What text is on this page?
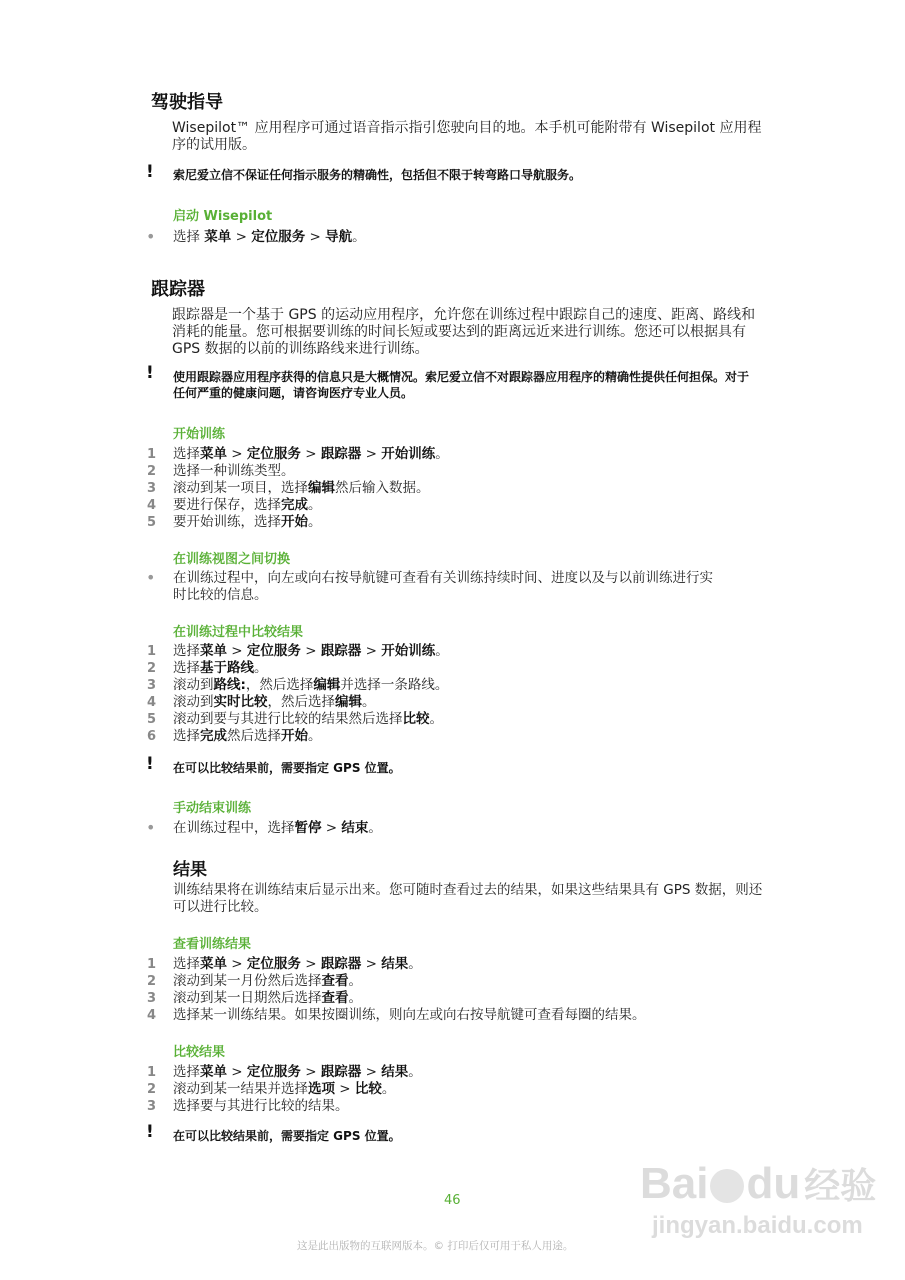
驾驶指导
Wisepilot™ 应用程序可通过语音指示指引您驶向目的地。本手机可能附带有 Wisepilot 应用程序的试用版。
! 索尼爱立信不保证任何指示服务的精确性，包括但不限于转弯路口导航服务。
启动 Wisepilot
• 选择 菜单 > 定位服务 > 导航。
跟踪器
跟踪器是一个基于 GPS 的运动应用程序，允许您在训练过程中跟踪自己的速度、距离、路线和消耗的能量。您可根据要训练的时间长短或要达到的距离远近来进行训练。您还可以根据具有 GPS 数据的以前的训练路线来进行训练。
! 使用跟踪器应用程序获得的信息只是大概情况。索尼爱立信不对跟踪器应用程序的精确性提供任何担保。对于任何严重的健康问题，请咨询医疗专业人员。
开始训练
1 选择菜单 > 定位服务 > 跟踪器 > 开始训练。
2 选择一种训练类型。
3 滚动到某一项目，选择编辑然后输入数据。
4 要进行保存，选择完成。
5 要开始训练，选择开始。
在训练视图之间切换
• 在训练过程中，向左或向右按导航键可查看有关训练持续时间、进度以及与以前训练进行实时比较的信息。
在训练过程中比较结果
1 选择菜单 > 定位服务 > 跟踪器 > 开始训练。
2 选择基于路线。
3 滚动到路线:，然后选择编辑并选择一条路线。
4 滚动到实时比较，然后选择编辑。
5 滚动到要与其进行比较的结果然后选择比较。
6 选择完成然后选择开始。
! 在可以比较结果前，需要指定 GPS 位置。
手动结束训练
• 在训练过程中，选择暂停 > 结束。
结果
训练结果将在训练结束后显示出来。您可随时查看过去的结果，如果这些结果具有 GPS 数据，则还可以进行比较。
查看训练结果
1 选择菜单 > 定位服务 > 跟踪器 > 结果。
2 滚动到某一月份然后选择查看。
3 滚动到某一日期然后选择查看。
4 选择某一训练结果。如果按圈训练，则向左或向右按导航键可查看每圈的结果。
比较结果
1 选择菜单 > 定位服务 > 跟踪器 > 结果。
2 滚动到某一结果并选择选项 > 比较。
3 选择要与其进行比较的结果。
! 在可以比较结果前，需要指定 GPS 位置。
46
这是此出版物的互联网版本。© 打印后仅可用于私人用途。
Bai du 经验
jingyan.baidu.com
